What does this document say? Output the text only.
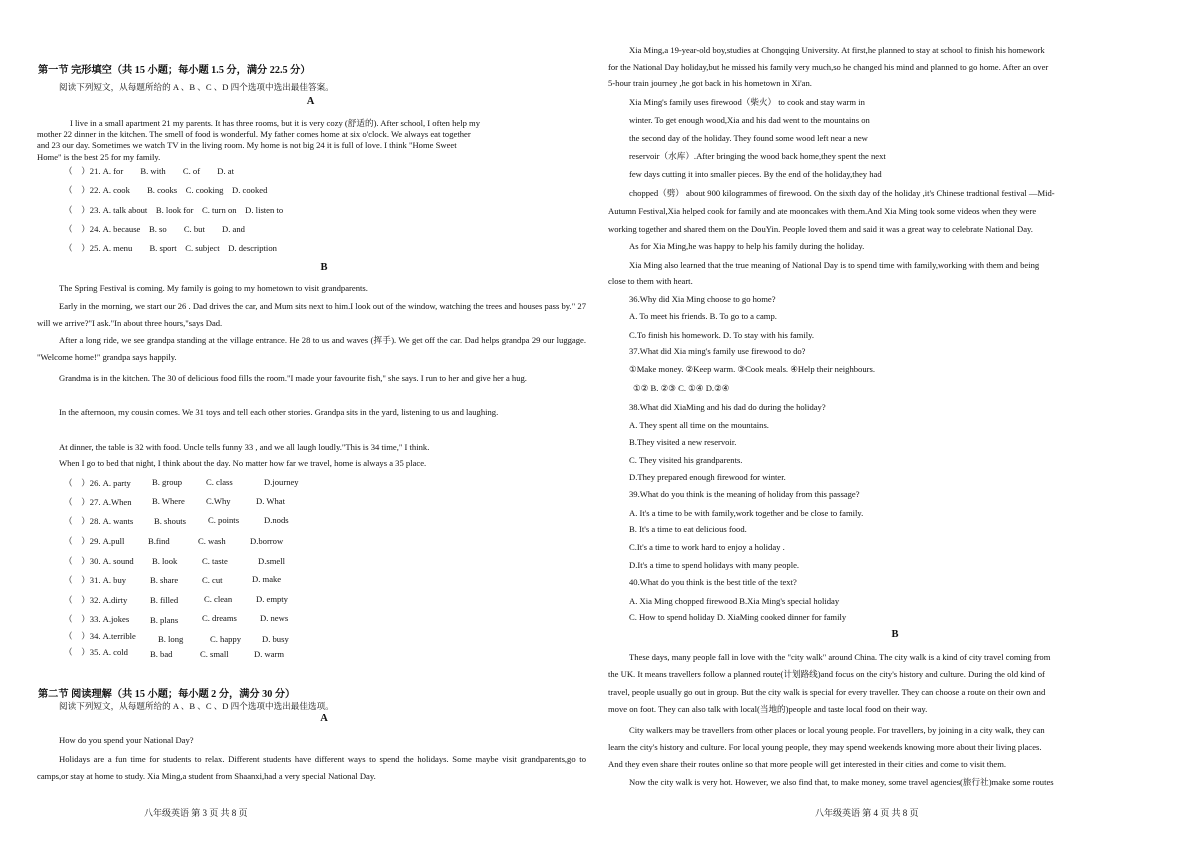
第一节 完形填空（共 15 小题；每小题 1.5 分，满分 22.5 分）
阅读下列短文，从每题所给的 A 、B 、C 、D 四个选项中选出最佳答案。
A
I live in a small apartment 21 my parents. It has three rooms, but it is very cozy (舒适的). After school, I often help my
mother 22 dinner in the kitchen. The smell of food is wonderful. My father comes home at six o'clock. We always eat together
and 23 our day. Sometimes we watch TV in the living room. My home is not big 24 it is full of love. I think "Home Sweet
Home" is the best 25 for my family.
（　）21. A. for　　B. with　　C. of　　D. at
（　）22. A. cook　　B. cooks　C. cooking　D. cooked
（　）23. A. talk about　B. look for　C. turn on　D. listen to
（　）24. A. because　B. so　　C. but　　D. and
（　）25. A. menu　　B. sport　C. subject　D. description
B
The Spring Festival is coming. My family is going to my hometown to visit grandparents.
Early in the morning, we start our 26 . Dad drives the car, and Mum sits next to him.I look out of the window, watching the trees and houses pass by." 27 will we arrive?"I ask."In about three hours,"says Dad.
After a long ride, we see grandpa standing at the village entrance. He 28 to us and waves (挥手). We get off the car. Dad helps grandpa 29 our luggage. "Welcome home!" grandpa says happily.
Grandma is in the kitchen. The 30 of delicious food fills the room."I made your favourite fish," she says. I run to her and give her a hug.
In the afternoon, my cousin comes. We 31 toys and tell each other stories. Grandpa sits in the yard, listening to us and laughing.
At dinner, the table is 32 with food. Uncle tells funny 33 , and we all laugh loudly."This is 34 time," I think.
When I go to bed that night, I think about the day. No matter how far we travel, home is always a 35 place.
（　）26. A. party B. group	C. class	D.journey
（　）27. A.When B. Where C.Why	D. What
（　）28. A. wants B. shouts	C. points	D.nods
（　）29. A.pull	B.find	C. wash	D.borrow
（　）30. A. sound B. look	C. taste	D.smell
（　）31. A. buy	B. share	C. cut	D. make
（　）32. A.dirty	B. filled	C. clean	D. empty
（　）33. A.jokes B. plans	C. dreams	D. news
（　）34. A.terrible	B. long	C. happy D. busy
（　）35. A. cold	B. bad	C. small	D. warm
第二节 阅读理解（共 15 小题；每小题 2 分，满分 30 分）
阅读下列短文，从每题所给的 A 、B 、C 、D 四个选项中选出最佳选项。
A
How do you spend your National Day?
Holidays are a fun time for students to relax. Different students have different ways to spend the holidays. Some maybe visit grandparents,go to camps,or stay at home to study. Xia Ming,a student from Shaanxi,had a very special National Day.
八年级英语 第 3 页 共 8 页
Xia Ming,a 19-year-old boy,studies at Chongqing University. At first,he planned to stay at school to finish his homework
for the National Day holiday,but he missed his family very much,so he changed his mind and planned to go home. After an over
5-hour train journey ,he got back in his hometown in Xi'an.
Xia Ming's family uses firewood（柴火） to cook and stay warm in
winter. To get enough wood,Xia and his dad went to the mountains on
the second day of the holiday. They found some wood left near a new
reservoir（水库）.After bringing the wood back home,they spent the next
few days cutting it into smaller pieces. By the end of the holiday,they had
chopped（劈） about 900 kilogrammes of firewood. On the sixth day of the holiday ,it's Chinese tradtional festival —Mid-
Autumn Festival,Xia helped cook for family and ate mooncakes with them.And Xia Ming took some videos when they were
working together and shared them on the DouYin. People loved them and said it was a great way to celebrate National Day.
As for Xia Ming,he was happy to help his family during the holiday.
Xia Ming also learned that the true meaning of National Day is to spend time with family,working with them and being
close to them with heart.
36.Why did Xia Ming choose to go home?
A. To meet his friends. B. To go to a camp.
C.To finish his homework. D. To stay with his family.
37.What did Xia ming's family use firewood to do?
①Make money. ②Keep warm. ③Cook meals. ④Help their neighbours.
①② B. ②③ C. ①④ D.②④
38.What did XiaMing and his dad do during the holiday?
A. They spent all time on the mountains.
B.They visited a new reservoir.
C. They visited his grandparents.
D.They prepared enough firewood for winter.
39.What do you think is the meaning of holiday from this passage?
A. It's a time to be with family,work together and be close to family.
B. It's a time to eat delicious food.
C.It's a time to work hard to enjoy a holiday .
D.It's a time to spend holidays with many people.
40.What do you think is the best title of the text?
A. Xia Ming chopped firewood B.Xia Ming's special holiday
C. How to spend holiday D. XiaMing cooked dinner for family
B
These days, many people fall in love with the "city walk" around China. The city walk is a kind of city travel coming from
the UK. It means travellers follow a planned route(计划路线)and focus on the city's history and culture. During the old kind of
travel, people usually go out in group. But the city walk is special for every traveller. They can choose a route on their own and
move on foot. They can also talk with local(当地的)people and taste local food on their way.
City walkers may be travellers from other places or local young people. For travellers, by joining in a city walk, they can
learn the city's history and culture. For local young people, they may spend weekends knowing more about their living places.
And they even share their routes online so that more people will get interested in their cities and come to visit them.
Now the city walk is very hot. However, we also find that, to make money, some travel agencies(旅行社)make some routes
八年级英语 第 4 页 共 8 页
